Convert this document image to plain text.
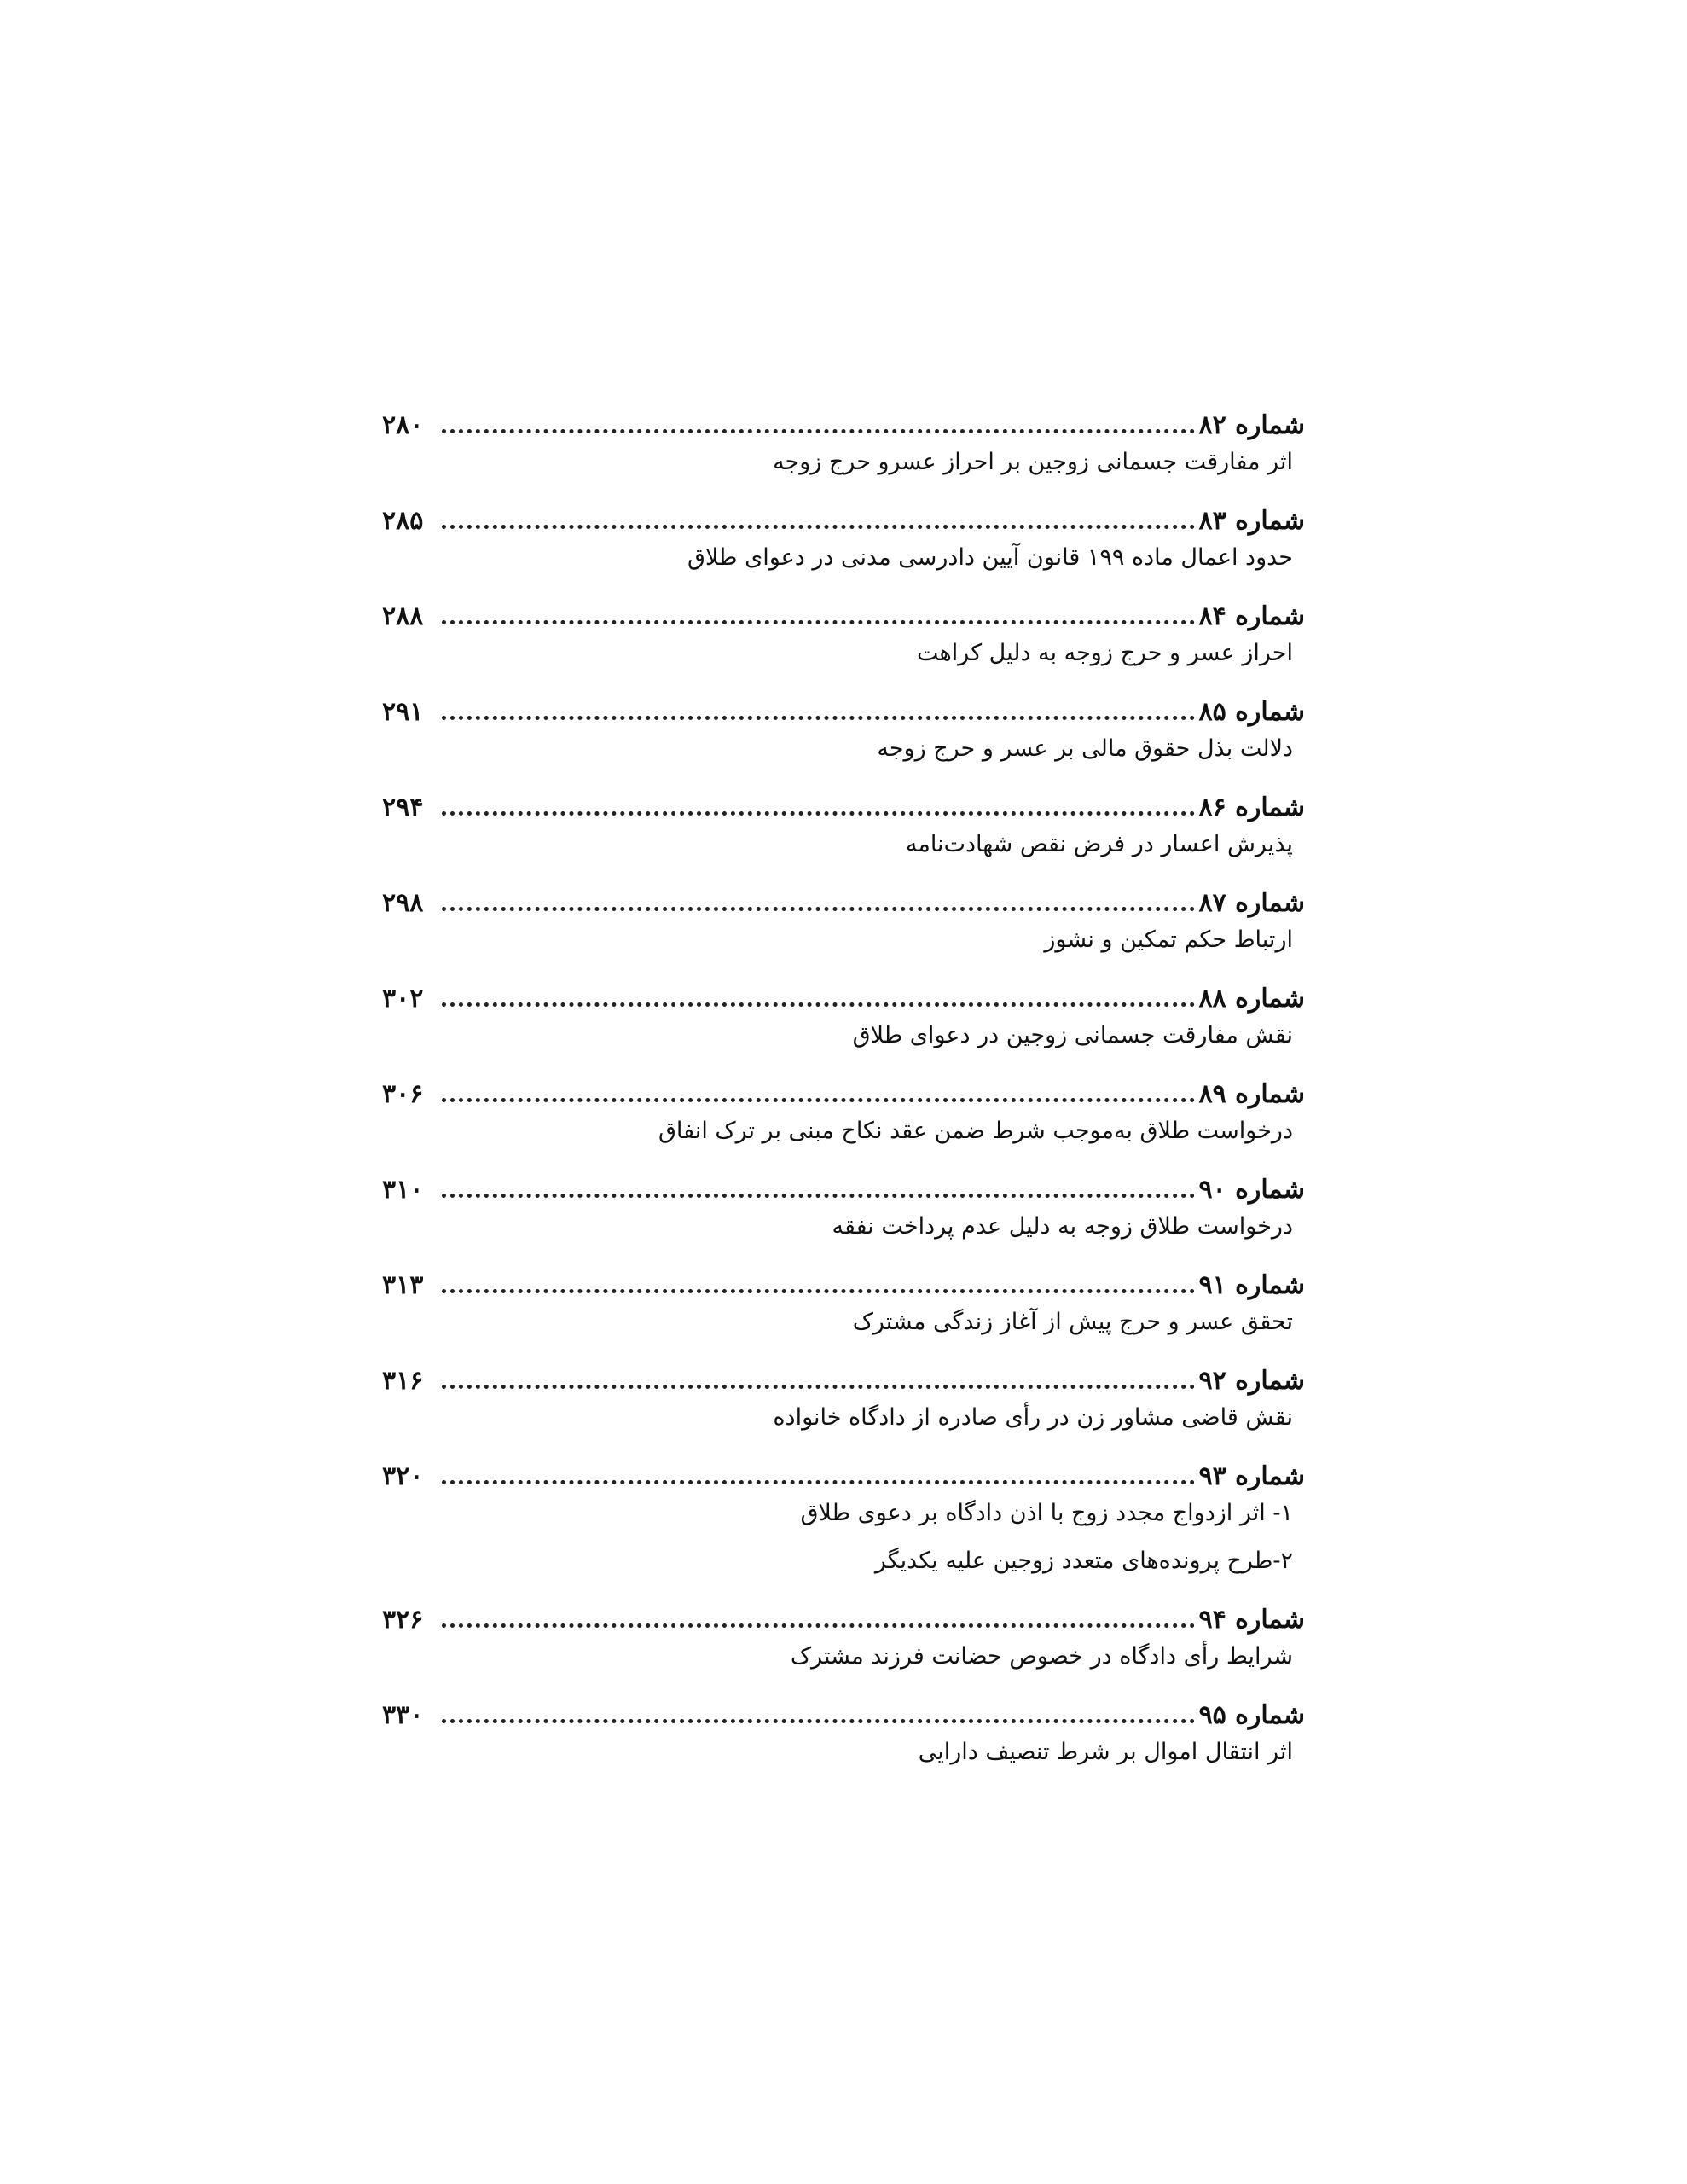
شماره ۸۲
۲۸۰
اثر مفارقت جسمانی زوجین بر احراز عسرو حرج زوجه
شماره ۸۳
۲۸۵
حدود اعمال ماده ۱۹۹ قانون آیین دادرسی مدنی در دعوای طلاق
شماره ۸۴
۲۸۸
احراز عسر و حرج زوجه به دلیل کراهت
شماره ۸۵
۲۹۱
دلالت بذل حقوق مالی بر عسر و حرج زوجه
شماره ۸۶
۲۹۴
پذیرش اعسار در فرض نقص شهادت‌نامه
شماره ۸۷
۲۹۸
ارتباط حکم تمکین و نشوز
شماره ۸۸
۳۰۲
نقش مفارقت جسمانی زوجین در دعوای طلاق
شماره ۸۹
۳۰۶
درخواست طلاق به‌موجب شرط ضمن عقد نکاح مبنی بر ترک انفاق
شماره ۹۰
۳۱۰
درخواست طلاق زوجه به دلیل عدم پرداخت نفقه
شماره ۹۱
۳۱۳
تحقق عسر و حرج پیش از آغاز زندگی مشترک
شماره ۹۲
۳۱۶
نقش قاضی مشاور زن در رأی صادره از دادگاه خانواده
شماره ۹۳
۳۲۰
۱- اثر ازدواج مجدد زوج با اذن دادگاه بر دعوی طلاق
۲-طرح پرونده‌های متعدد زوجین علیه یکدیگر
شماره ۹۴
۳۲۶
شرایط رأی دادگاه در خصوص حضانت فرزند مشترک
شماره ۹۵
۳۳۰
اثر انتقال اموال بر شرط تنصیف دارایی
